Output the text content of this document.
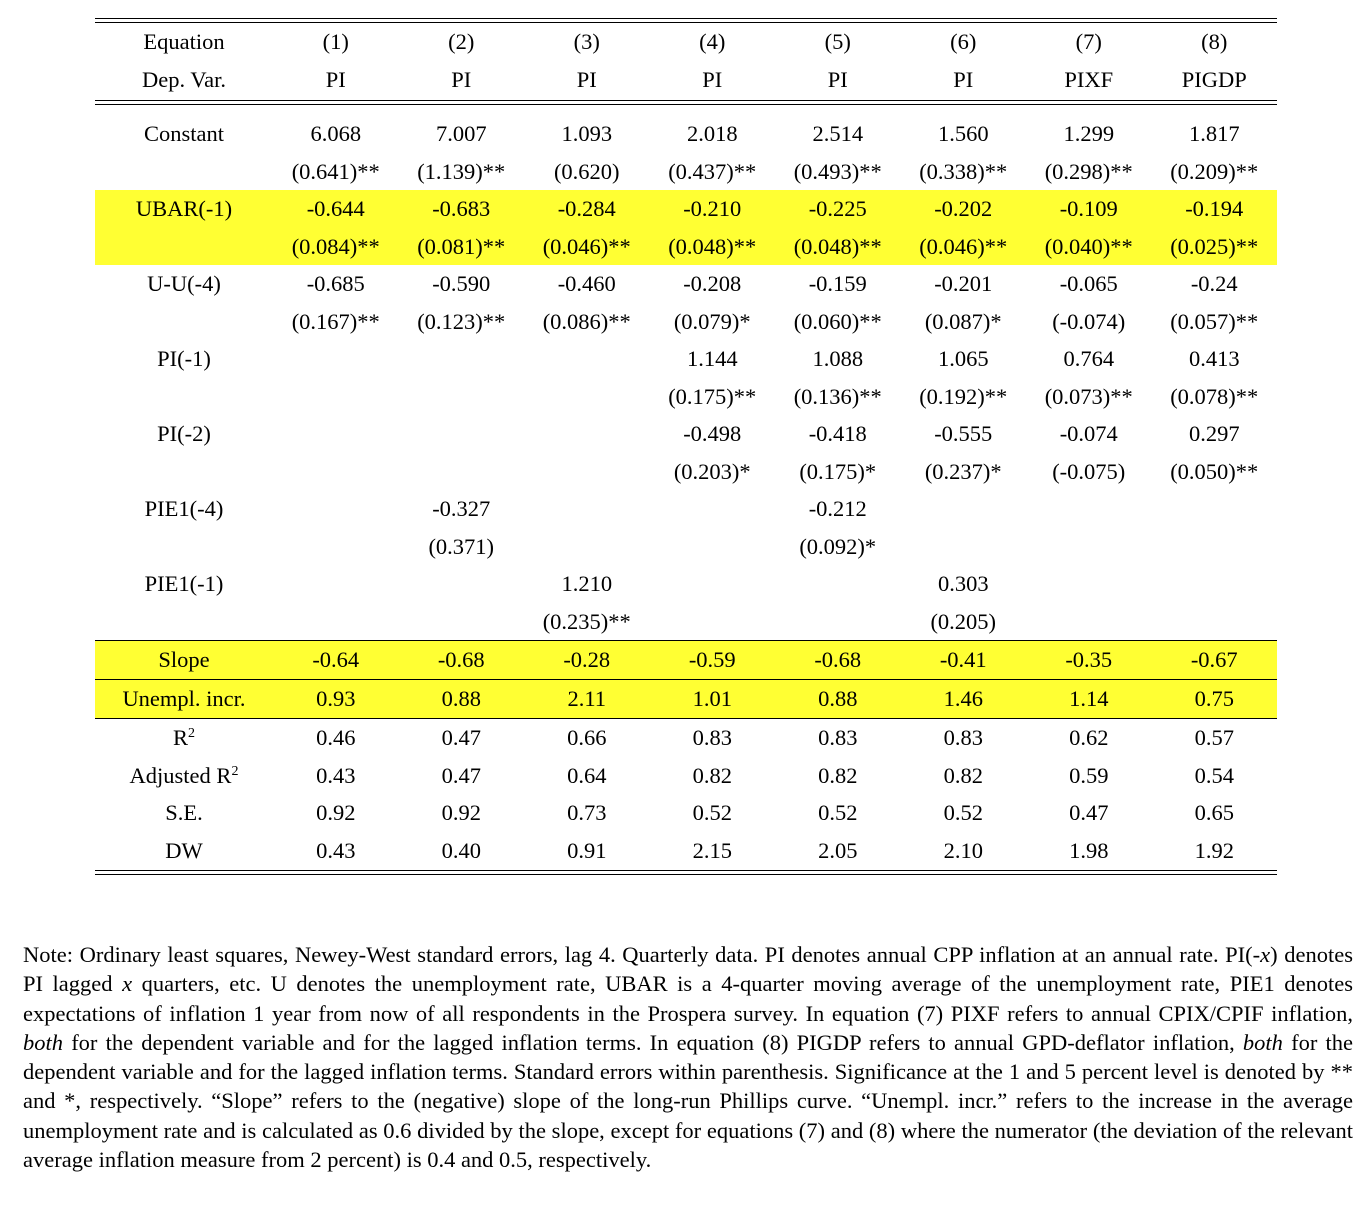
Equation	(1)	(2)	(3)	(4)	(5)	(6)	(7)	(8)
Dep. Var.	PI	PI	PI	PI	PI	PI	PIXF	PIGDP
Constant	6.068	7.007	1.093	2.018	2.514	1.560	1.299	1.817
	(0.641)**	(1.139)**	(0.620)	(0.437)**	(0.493)**	(0.338)**	(0.298)**	(0.209)**
UBAR(-1)	-0.644	-0.683	-0.284	-0.210	-0.225	-0.202	-0.109	-0.194
	(0.084)**	(0.081)**	(0.046)**	(0.048)**	(0.048)**	(0.046)**	(0.040)**	(0.025)**
U-U(-4)	-0.685	-0.590	-0.460	-0.208	-0.159	-0.201	-0.065	-0.24
	(0.167)**	(0.123)**	(0.086)**	(0.079)*	(0.060)**	(0.087)*	(-0.074)	(0.057)**
PI(-1)				1.144	1.088	1.065	0.764	0.413
				(0.175)**	(0.136)**	(0.192)**	(0.073)**	(0.078)**
PI(-2)				-0.498	-0.418	-0.555	-0.074	0.297
				(0.203)*	(0.175)*	(0.237)*	(-0.075)	(0.050)**
PIE1(-4)		-0.327			-0.212			
		(0.371)			(0.092)*			
PIE1(-1)			1.210			0.303		
			(0.235)**			(0.205)		
Slope	-0.64	-0.68	-0.28	-0.59	-0.68	-0.41	-0.35	-0.67
Unempl. incr.	0.93	0.88	2.11	1.01	0.88	1.46	1.14	0.75
$R^2$	0.46	0.47	0.66	0.83	0.83	0.83	0.62	0.57
Adjusted $R^2$	0.43	0.47	0.64	0.82	0.82	0.82	0.59	0.54
S.E.	0.92	0.92	0.73	0.52	0.52	0.52	0.47	0.65
DW	0.43	0.40	0.91	2.15	2.05	2.10	1.98	1.92
Note: Ordinary least squares, Newey-West standard errors, lag 4. Quarterly data. PI denotes annual CPP inflation at an annual rate. PI(-x) denotes PI lagged x quarters, etc. U denotes the unemployment rate, UBAR is a 4-quarter moving average of the unemployment rate, PIE1 denotes expectations of inflation 1 year from now of all respondents in the Prospera survey. In equation (7) PIXF refers to annual CPIX/CPIF inflation, both for the dependent variable and for the lagged inflation terms. In equation (8) PIGDP refers to annual GPD-deflator inflation, both for the dependent variable and for the lagged inflation terms. Standard errors within parenthesis. Significance at the 1 and 5 percent level is denoted by ** and *, respectively. “Slope” refers to the (negative) slope of the long-run Phillips curve. “Unempl. incr.” refers to the increase in the average unemployment rate and is calculated as 0.6 divided by the slope, except for equations (7) and (8) where the numerator (the deviation of the relevant average inflation measure from 2 percent) is 0.4 and 0.5, respectively.
